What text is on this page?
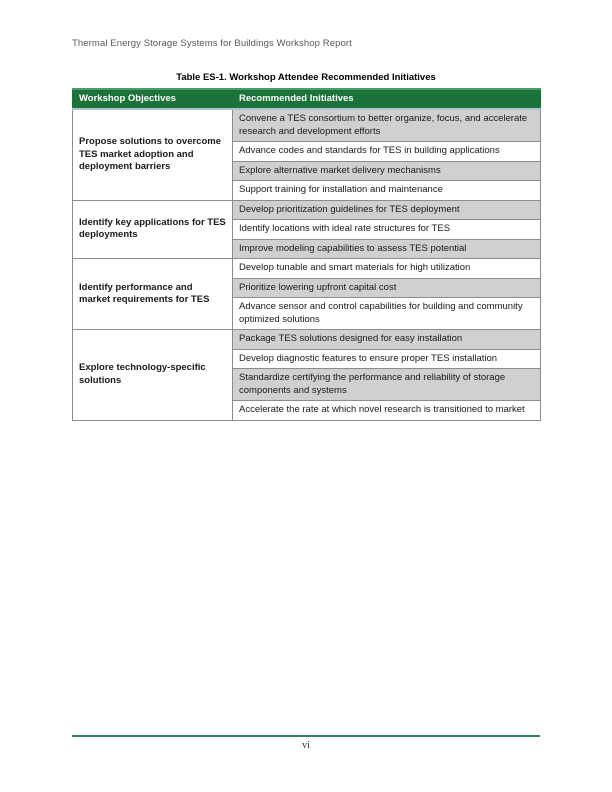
Thermal Energy Storage Systems for Buildings Workshop Report
Table ES-1. Workshop Attendee Recommended Initiatives
Workshop Objectives	Recommended Initiatives
Propose solutions to overcome TES market adoption and deployment barriers	Convene a TES consortium to better organize, focus, and accelerate research and development efforts
	Advance codes and standards for TES in building applications
	Explore alternative market delivery mechanisms
	Support training for installation and maintenance
Identify key applications for TES deployments	Develop prioritization guidelines for TES deployment
	Identify locations with ideal rate structures for TES
	Improve modeling capabilities to assess TES potential
Identify performance and market requirements for TES	Develop tunable and smart materials for high utilization
	Prioritize lowering upfront capital cost
	Advance sensor and control capabilities for building and community optimized solutions
Explore technology-specific solutions	Package TES solutions designed for easy installation
	Develop diagnostic features to ensure proper TES installation
	Standardize certifying the performance and reliability of storage components and systems
	Accelerate the rate at which novel research is transitioned to market
vi
